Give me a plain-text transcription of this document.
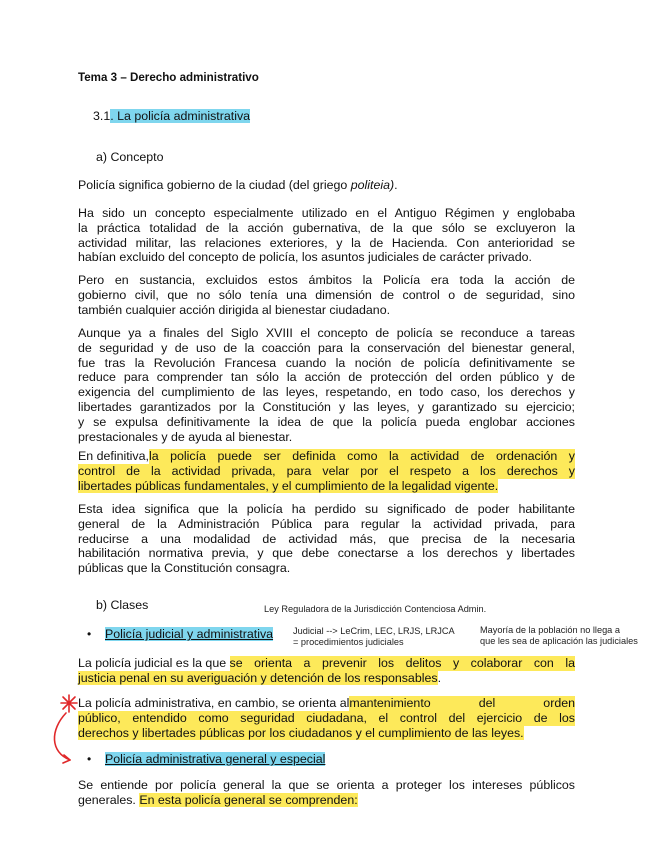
Tema 3 – Derecho administrativo
3.1. La policía administrativa
a) Concepto
Policía significa gobierno de la ciudad (del griego politeia).
Ha sido un concepto especialmente utilizado en el Antiguo Régimen y englobaba
la práctica totalidad de la acción gubernativa, de la que sólo se excluyeron la
actividad militar, las relaciones exteriores, y la de Hacienda. Con anterioridad se
habían excluido del concepto de policía, los asuntos judiciales de carácter privado.
Pero en sustancia, excluidos estos ámbitos la Policía era toda la acción de
gobierno civil, que no sólo tenía una dimensión de control o de seguridad, sino
también cualquier acción dirigida al bienestar ciudadano.
Aunque ya a finales del Siglo XVIII el concepto de policía se reconduce a tareas
de seguridad y de uso de la coacción para la conservación del bienestar general,
fue tras la Revolución Francesa cuando la noción de policía definitivamente se
reduce para comprender tan sólo la acción de protección del orden público y de
exigencia del cumplimiento de las leyes, respetando, en todo caso, los derechos y
libertades garantizados por la Constitución y las leyes, y garantizado su ejercicio;
y se expulsa definitivamente la idea de que la policía pueda englobar acciones
prestacionales y de ayuda al bienestar.
En definitiva, la policía puede ser definida como la actividad de ordenación y
control de la actividad privada, para velar por el respeto a los derechos y
libertades públicas fundamentales, y el cumplimiento de la legalidad vigente.
Esta idea significa que la policía ha perdido su significado de poder habilitante
general de la Administración Pública para regular la actividad privada, para
reducirse a una modalidad de actividad más, que precisa de la necesaria
habilitación normativa previa, y que debe conectarse a los derechos y libertades
públicas que la Constitución consagra.
b) Clases	Ley Reguladora de la Jurisdicción Contenciosa Admin.
• Policía judicial y administrativa Judicial --> LeCrim, LEC, LRJS, LRJCA
= procedimientos judiciales
Mayoría de la población no llega a
que les sea de aplicación las judiciales
La policía judicial es la que se orienta a prevenir los delitos y colaborar con la
justicia penal en su averiguación y detención de los responsables.
La policía administrativa, en cambio, se orienta al mantenimiento del orden
público, entendido como seguridad ciudadana, el control del ejercicio de los
derechos y libertades públicas por los ciudadanos y el cumplimiento de las leyes.
• Policía administrativa general y especial
Se entiende por policía general la que se orienta a proteger los intereses públicos
generales. En esta policía general se comprenden:
